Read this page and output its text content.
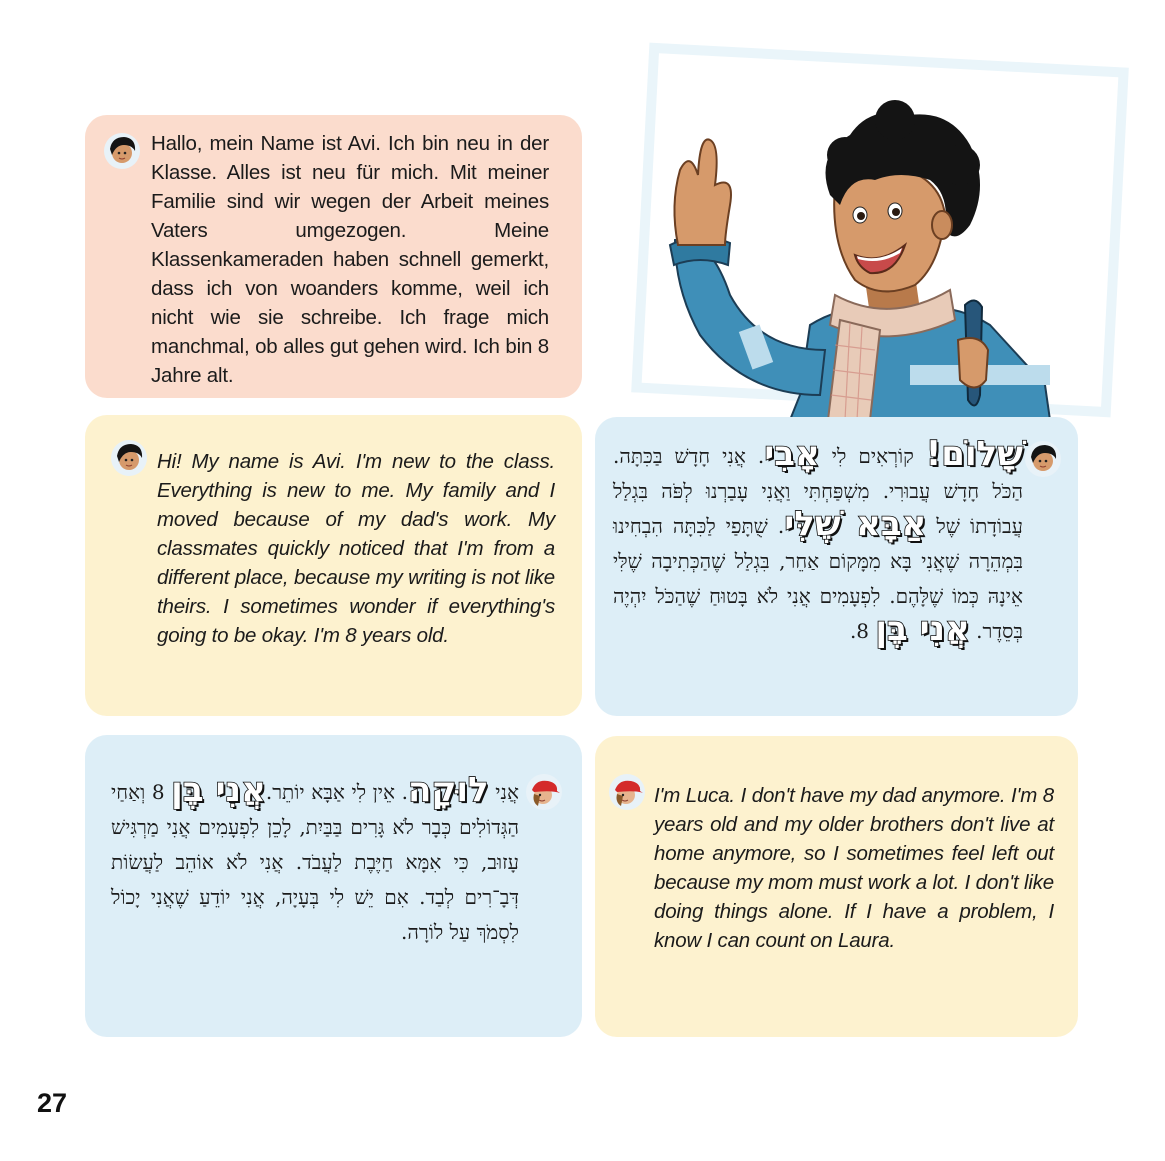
Hallo, mein Name ist Avi. Ich bin neu in der Klasse. Alles ist neu für mich. Mit meiner Familie sind wir wegen der Arbeit meines Vaters umgezogen. Meine Klassenkameraden haben schnell gemerkt, dass ich von woanders komme, weil ich nicht wie sie schreibe. Ich frage mich manchmal, ob alles gut gehen wird. Ich bin 8 Jahre alt.
Hi! My name is Avi. I'm new to the class. Everything is new to me. My family and I moved because of my dad's work. My classmates quickly noticed that I'm from a different place, because my writing is not like theirs. I sometimes wonder if everything's going to be okay. I'm 8 years old.
שָׁלוֹם! קוֹרְאִים לִי אָבִי. אֲנִי חָדָשׁ בַּכִּתָּה. הַכֹּל חָדָשׁ עֲבוּרִי. מִשְׁפַּחְתִּי וַאֲנִי עָבַרְנוּ לְפֹּה בִּגְלַל עֲבוֹדָתוֹ שֶׁל אַבָּא שֶׁלִּי. שֻׁתָּפַי לַכִּתָּה הִבְחִינוּ בִּמְהֵרָה שֶׁאֲנִי בָּא מִמָּקוֹם אַחֵר, בִּגְלַל שֶׁהַכְּתִיבָה שֶׁלִּי אֵינָהּ כְּמוֹ שֶׁלָּהֶם. לִפְעָמִים אֲנִי לֹא בָּטוּחַ שֶׁהַכֹּל יִהְיֶה בְּסֵדֶר. אֲנִי בֶּן 8.
אֲנִי לוּקָה. אֵין לִי אַבָּא יוֹתֵר.אֲנִי בֶּן 8 וְאַחַי הַגְּדוֹלִים כְּבָר לֹא גָּרִים בַּבַּיִת, לָכֵן לִפְעָמִים אֲנִי מַרְגִּישׁ עָזוּב, כִּי אִמָּא חַיֶּבֶת לַעֲבֹד. אֲנִי לֹא אוֹהֵב לַעֲשׂוֹת דְּבָ־רִים לְבַד. אִם יֵשׁ לִי בְּעָיָה, אֲנִי יוֹדֵעַ שֶׁאֲנִי יָכוֹל לִסְמֹךְ עַל לוֹרָה.
I'm Luca. I don't have my dad anymore. I'm 8 years old and my older brothers don't live at home anymore, so I sometimes feel left out because my mom must work a lot. I don't like doing things alone. If I have a problem, I know I can count on Laura.
27
